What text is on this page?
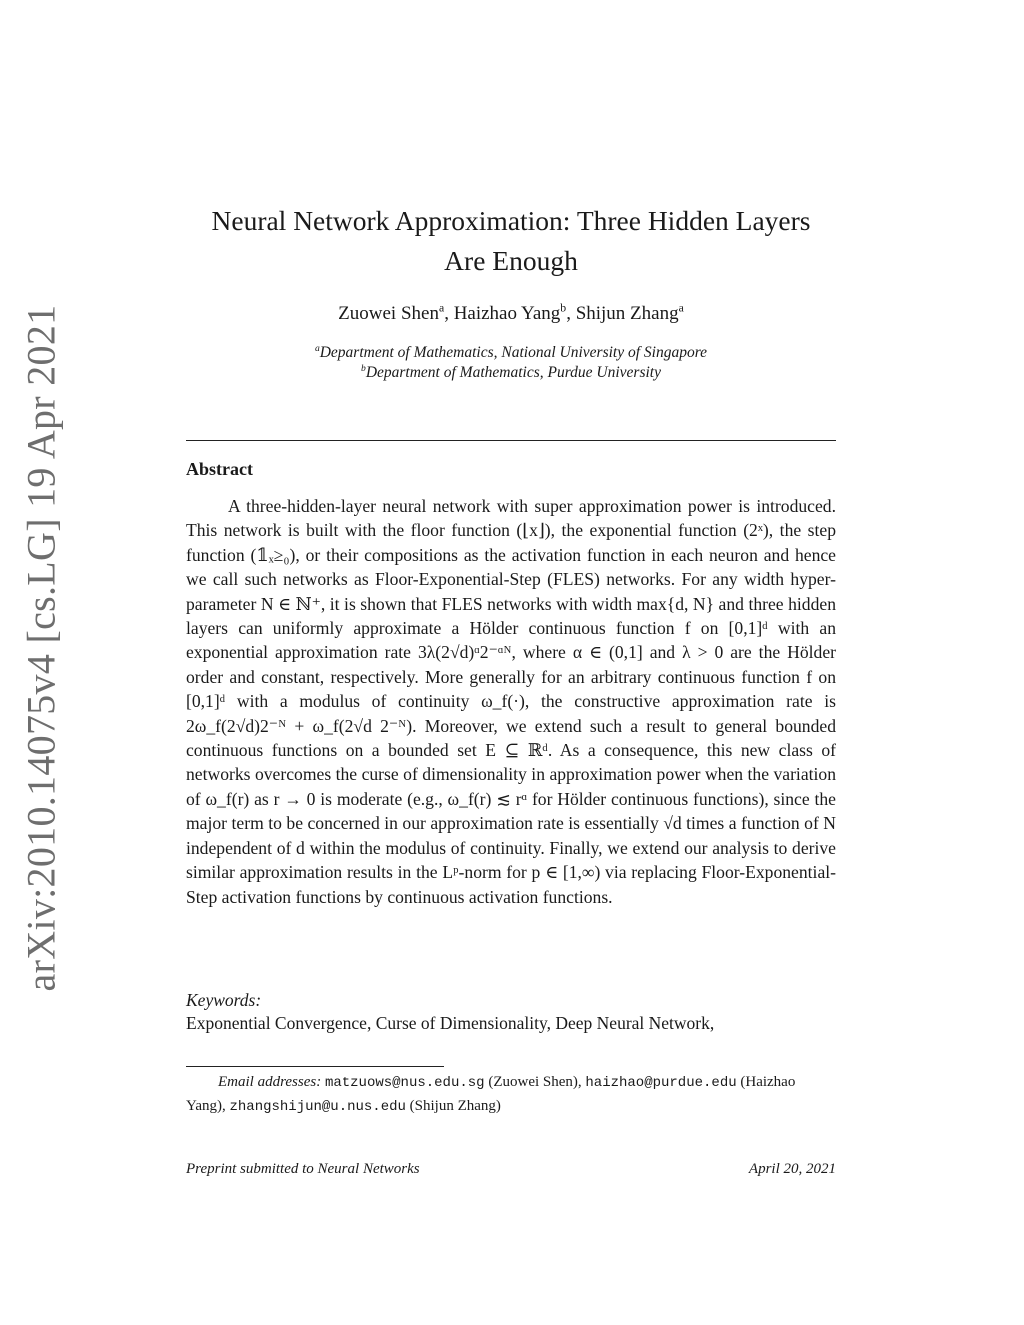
arXiv:2010.14075v4 [cs.LG] 19 Apr 2021
Neural Network Approximation: Three Hidden Layers
Are Enough
Zuowei Shen$^a$, Haizhao Yang$^b$, Shijun Zhang$^a$
$^a$Department of Mathematics, National University of Singapore
$^b$Department of Mathematics, Purdue University
Abstract
A three-hidden-layer neural network with super approximation power is introduced. This network is built with the floor function (⌊x⌋), the exponential function (2ˣ), the step function (𝟙ₓ≥₀), or their compositions as the activation function in each neuron and hence we call such networks as Floor-Exponential-Step (FLES) networks. For any width hyper-parameter N ∈ ℕ⁺, it is shown that FLES networks with width max{d, N} and three hidden layers can uniformly approximate a Hölder continuous function f on [0,1]ᵈ with an exponential approximation rate 3λ(2√d)ᵅ2⁻ᵅᴺ, where α ∈ (0,1] and λ > 0 are the Hölder order and constant, respectively. More generally for an arbitrary continuous function f on [0,1]ᵈ with a modulus of continuity ω_f(·), the constructive approximation rate is 2ω_f(2√d)2⁻ᴺ + ω_f(2√d 2⁻ᴺ). Moreover, we extend such a result to general bounded continuous functions on a bounded set E ⊆ ℝᵈ. As a consequence, this new class of networks overcomes the curse of dimensionality in approximation power when the variation of ω_f(r) as r → 0 is moderate (e.g., ω_f(r) ≲ rᵅ for Hölder continuous functions), since the major term to be concerned in our approximation rate is essentially √d times a function of N independent of d within the modulus of continuity. Finally, we extend our analysis to derive similar approximation results in the Lᵖ-norm for p ∈ [1,∞) via replacing Floor-Exponential-Step activation functions by continuous activation functions.
Keywords:
Exponential Convergence, Curse of Dimensionality, Deep Neural Network,
Email addresses: matzuows@nus.edu.sg (Zuowei Shen), haizhao@purdue.edu (Haizhao Yang), zhangshijun@u.nus.edu (Shijun Zhang)
Preprint submitted to Neural Networks	April 20, 2021
